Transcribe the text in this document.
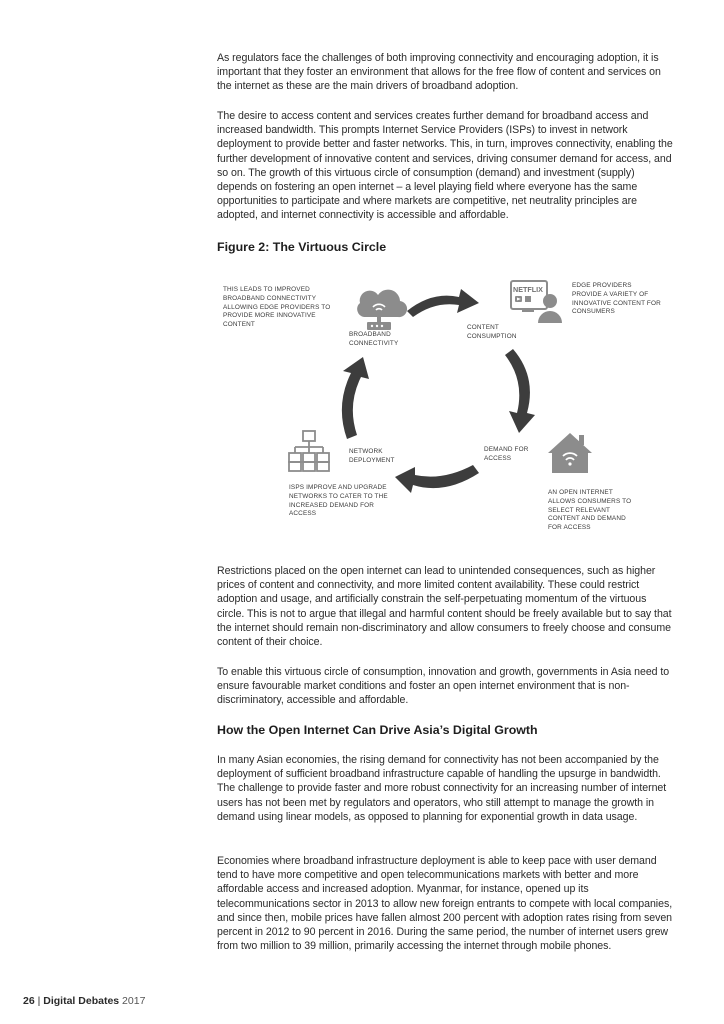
As regulators face the challenges of both improving connectivity and encouraging adoption, it is important that they foster an environment that allows for the free flow of content and services on the internet as these are the main drivers of broadband adoption.

The desire to access content and services creates further demand for broadband access and increased bandwidth. This prompts Internet Service Providers (ISPs) to invest in network deployment to provide better and faster networks. This, in turn, improves connectivity, enabling the further development of innovative content and services, driving consumer demand for access, and so on. The growth of this virtuous circle of consumption (demand) and investment (supply) depends on fostering an open internet – a level playing field where everyone has the same opportunities to participate and where markets are competitive, net neutrality principles are adopted, and internet connectivity is accessible and affordable.

Figure 2: The Virtuous Circle
NETFLIX

THIS LEADS TO IMPROVED BROADBAND CONNECTIVITY ALLOWING EDGE PROVIDERS TO PROVIDE MORE INNOVATIVE CONTENT

BROADBAND CONNECTIVITY

CONTENT CONSUMPTION

EDGE PROVIDERS PROVIDE A VARIETY OF INNOVATIVE CONTENT FOR CONSUMERS

DEMAND FOR ACCESS

AN OPEN INTERNET ALLOWS CONSUMERS TO SELECT RELEVANT CONTENT AND DEMAND FOR ACCESS

NETWORK DEPLOYMENT

ISPS IMPROVE AND UPGRADE NETWORKS TO CATER TO THE INCREASED DEMAND FOR ACCESS

Restrictions placed on the open internet can lead to unintended consequences, such as higher prices of content and connectivity, and more limited content availability. These could restrict adoption and usage, and artificially constrain the self-perpetuating momentum of the virtuous circle. This is not to argue that illegal and harmful content should be freely available but to say that the internet should remain non-discriminatory and allow consumers to freely choose and consume content of their choice.

To enable this virtuous circle of consumption, innovation and growth, governments in Asia need to ensure favourable market conditions and foster an open internet environment that is non-discriminatory, accessible and affordable.

How the Open Internet Can Drive Asia’s Digital Growth

In many Asian economies, the rising demand for connectivity has not been accompanied by the deployment of sufficient broadband infrastructure capable of handling the upsurge in bandwidth. The challenge to provide faster and more robust connectivity for an increasing number of internet users has not been met by regulators and operators, who still attempt to manage the growth in demand using linear models, as opposed to planning for exponential growth in data usage.

Economies where broadband infrastructure deployment is able to keep pace with user demand tend to have more competitive and open telecommunications markets with better and more affordable access and increased adoption. Myanmar, for instance, opened up its telecommunications sector in 2013 to allow new foreign entrants to compete with local companies, and since then, mobile prices have fallen almost 200 percent with adoption rates rising from seven percent in 2012 to 90 percent in 2016. During the same period, the number of internet users grew from two million to 39 million, primarily accessing the internet through mobile phones.

26 | Digital Debates 2017
